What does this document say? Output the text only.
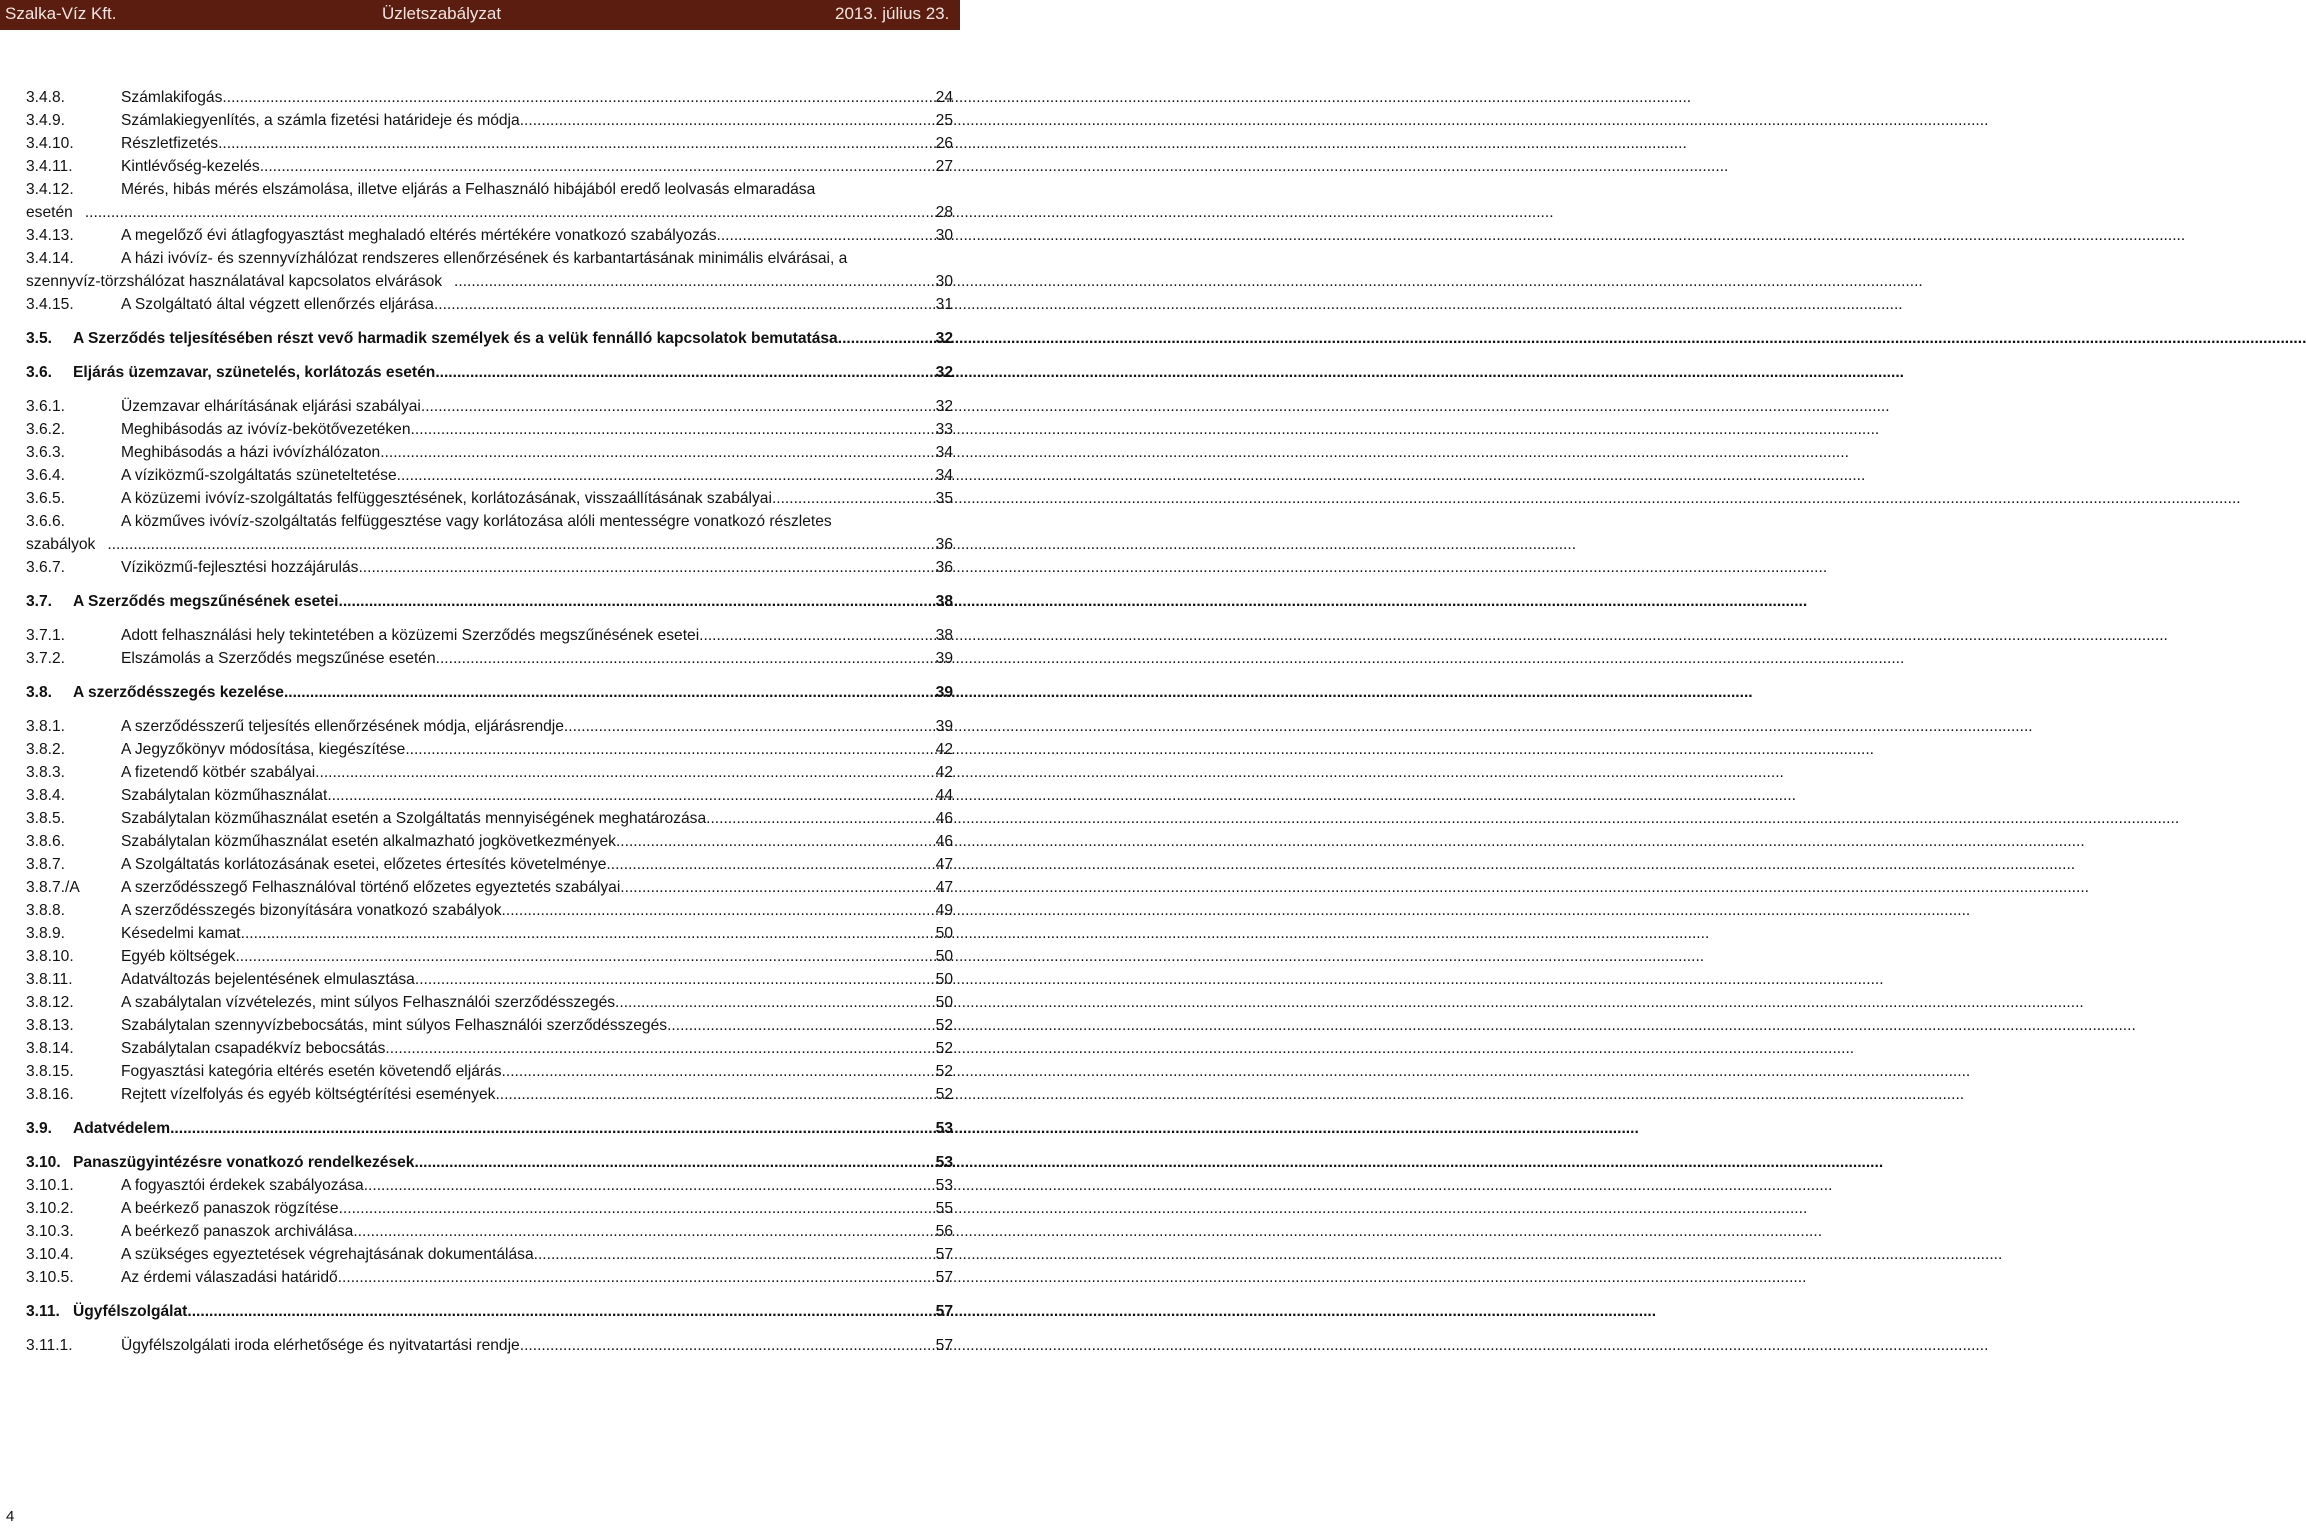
Szalka-Víz Kft.	Üzletszabályzat	2013. július 23.
3.4.8.	Számlakifogás .....	24
3.4.9.	Számlakiegyenlítés, a számla fizetési határideje és módja .....	25
3.4.10.	Részletfizetés .....	26
3.4.11.	Kintlévőség-kezelés .....	27
3.4.12.	Mérés, hibás mérés elszámolása, illetve eljárás a Felhasználó hibájából eredő leolvasás elmaradása
esetén .....	28
3.4.13.	A megelőző évi átlagfogyasztást meghaladó eltérés mértékére vonatkozó szabályozás .....	30
3.4.14.	A házi ivóvíz- és szennyvízhálózat rendszeres ellenőrzésének és karbantartásának minimális elvárásai, a
szennyvíz-törzshálózat használatával kapcsolatos elvárások .....	30
3.4.15.	A Szolgáltató által végzett ellenőrzés eljárása .....	31
3.5.	A Szerződés teljesítésében részt vevő harmadik személyek és a velük fennálló kapcsolatok bemutatása .....	32
3.6.	Eljárás üzemzavar, szünetelés, korlátozás esetén .....	32
3.6.1.	Üzemzavar elhárításának eljárási szabályai .....	32
3.6.2.	Meghibásodás az ivóvíz-bekötővezetéken .....	33
3.6.3.	Meghibásodás a házi ivóvízhálózaton .....	34
3.6.4.	A víziközmű-szolgáltatás szüneteltetése .....	34
3.6.5.	A közüzemi ivóvíz-szolgáltatás felfüggesztésének, korlátozásának, visszaállításának szabályai .....	35
3.6.6.	A közműves ivóvíz-szolgáltatás felfüggesztése vagy korlátozása alóli mentességre vonatkozó részletes
szabályok .....	36
3.6.7.	Víziközmű-fejlesztési hozzájárulás .....	36
3.7.	A Szerződés megszűnésének esetei .....	38
3.7.1.	Adott felhasználási hely tekintetében a közüzemi Szerződés megszűnésének esetei .....	38
3.7.2.	Elszámolás a Szerződés megszűnése esetén .....	39
3.8.	A szerződésszegés kezelése .....	39
3.8.1.	A szerződésszerű teljesítés ellenőrzésének módja, eljárásrendje .....	39
3.8.2.	A Jegyzőkönyv módosítása, kiegészítése .....	42
3.8.3.	A fizetendő kötbér szabályai .....	42
3.8.4.	Szabálytalan közműhasználat .....	44
3.8.5.	Szabálytalan közműhasználat esetén a Szolgáltatás mennyiségének meghatározása. .....	46
3.8.6.	Szabálytalan közműhasználat esetén alkalmazható jogkövetkezmények .....	46
3.8.7.	A Szolgáltatás korlátozásának esetei, előzetes értesítés követelménye .....	47
3.8.7./A	A szerződésszegő Felhasználóval történő előzetes egyeztetés szabályai .....	47
3.8.8.	A szerződésszegés bizonyítására vonatkozó szabályok .....	49
3.8.9.	Késedelmi kamat .....	50
3.8.10.	Egyéb költségek .....	50
3.8.11.	Adatváltozás bejelentésének elmulasztása .....	50
3.8.12.	A szabálytalan vízvételezés, mint súlyos Felhasználói szerződésszegés .....	50
3.8.13.	Szabálytalan szennyvízbebocsátás, mint súlyos Felhasználói szerződésszegés .....	52
3.8.14.	Szabálytalan csapadékvíz bebocsátás .....	52
3.8.15.	Fogyasztási kategória eltérés esetén követendő eljárás .....	52
3.8.16.	Rejtett vízelfolyás és egyéb költségtérítési események .....	52
3.9.	Adatvédelem .....	53
3.10. Panaszügyintézésre vonatkozó rendelkezések .....	53
3.10.1.	A fogyasztói érdekek szabályozása .....	53
3.10.2.	A beérkező panaszok rögzítése .....	55
3.10.3.	A beérkező panaszok archiválása .....	56
3.10.4.	A szükséges egyeztetések végrehajtásának dokumentálása .....	57
3.10.5.	Az érdemi válaszadási határidő .....	57
3.11. Ügyfélszolgálat .....	57
3.11.1.	Ügyfélszolgálati iroda elérhetősége és nyitvatartási rendje .....	57
4
